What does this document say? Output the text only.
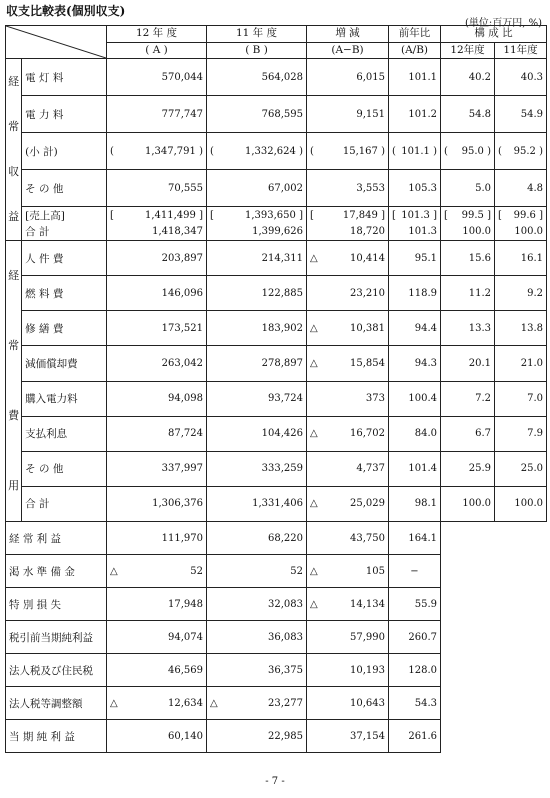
収支比較表(個別収支)
(単位:百万円, %)
	12 年 度	11 年 度	増 減	前年比	構 成 比	
		( A )	( B )	(A−B)	(A/B)	12年度	11年度

経
常
収
益	電 灯 料	570,044	564,028	6,015	101.1	40.2	40.3
	電 力 料	777,747	768,595	9,151	101.2	54.8	54.9
	(小 計)	( 1,347,791 )	( 1,332,624 )	( 15,167 )	( 101.1 )	( 95.0 )	( 95.2 )

	そ の 他	70,555	67,002	3,553	105.3	5.0	4.8
	[売上高]	[ 1,411,499 ]	[ 1,393,650 ]	[ 17,849 ]	[ 101.3 ]	[ 99.5 ]	[ 99.6 ]

	合 計	1,418,347	1,399,626	18,720	101.3	100.0	100.0

経
常
費
用	人 件 費	203,897	214,311	△ 10,414	95.1	15.6	16.1
	燃 料 費	146,096	122,885	23,210	118.9	11.2	9.2
	修 繕 費	173,521	183,902	△ 10,381	94.4	13.3	13.8
	減価償却費	263,042	278,897	△ 15,854	94.3	20.1	21.0
	購入電力料	94,098	93,724	373	100.4	7.2	7.0
	支払利息	87,724	104,426	△ 16,702	84.0	6.7	7.9
	そ の 他	337,997	333,259	4,737	101.4	25.9	25.0
	合 計	1,306,376	1,331,406	△ 25,029	98.1	100.0	100.0
経 常 利 益		111,970	68,220	43,750	164.1		
渇 水 準 備 金		△ 52	52	△ 105	−		
特 別 損 失		17,948	32,083	△ 14,134	55.9		
税引前当期純利益		94,074	36,083	57,990	260.7		
法人税及び住民税		46,569	36,375	10,193	128.0		
法人税等調整額		△ 12,634	△ 23,277	10,643	54.3		
当 期 純 利 益		60,140	22,985	37,154	261.6		
- 7 -
